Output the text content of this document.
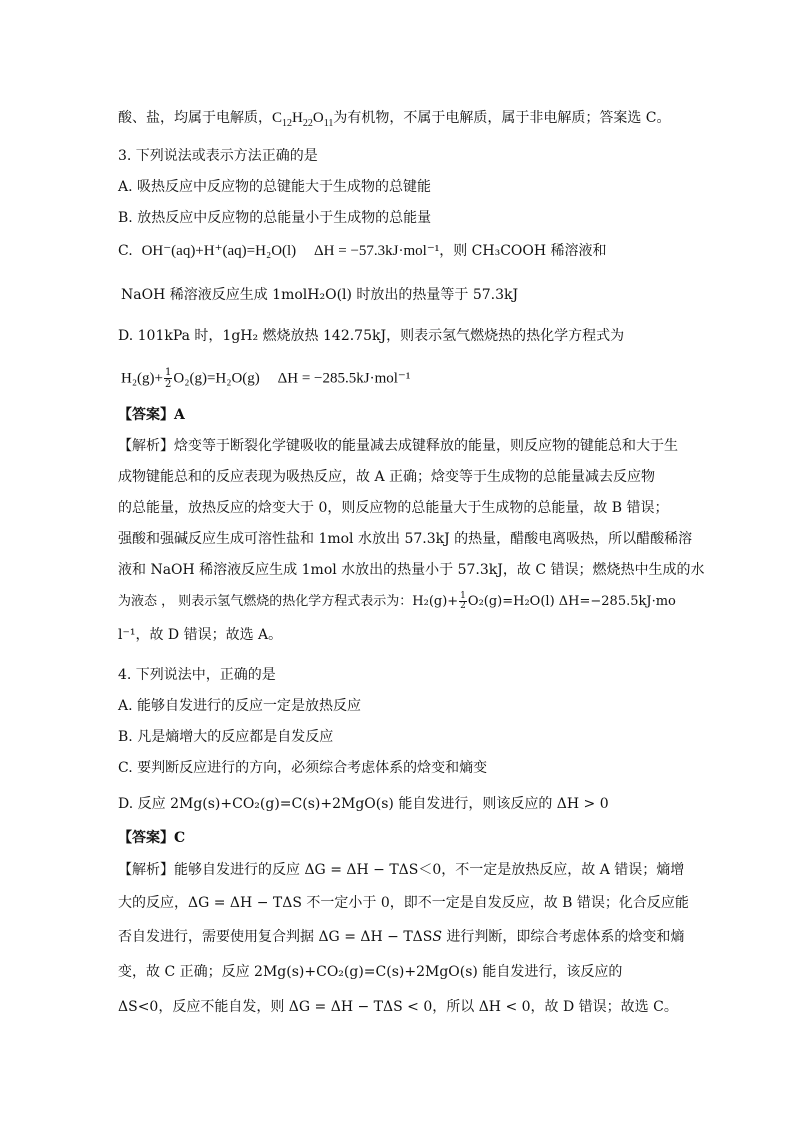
酸、盐，均属于电解质，$C_{12}H_{22}O_{11}$为有机物，不属于电解质，属于非电解质；答案选 C。
3. 下列说法或表示方法正确的是
A. 吸热反应中反应物的总键能大于生成物的总键能
B. 放热反应中反应物的总能量小于生成物的总能量
C. OH⁻(aq)+H⁺(aq)=H₂O(l) ΔH = −57.3kJ·mol⁻¹，则 CH₃COOH 稀溶液和
NaOH 稀溶液反应生成 1molH₂O(l) 时放出的热量等于 57.3kJ
D. 101kPa 时，1gH₂ 燃烧放热 142.75kJ，则表示氢气燃烧热的热化学方程式为
$H_2(g)+ \frac{1}{2} O_2(g)=H_2O(g) \Delta H = -285.5kJ\cdot mol^{-1}$
【答案】A
【解析】焓变等于断裂化学键吸收的能量减去成键释放的能量，则反应物的键能总和大于生
成物键能总和的反应表现为吸热反应，故 A 正确；焓变等于生成物的总能量减去反应物
的总能量，放热反应的焓变大于 0，则反应物的总能量大于生成物的总能量，故 B 错误；
强酸和强碱反应生成可溶性盐和 1mol 水放出 57.3kJ 的热量，醋酸电离吸热，所以醋酸稀溶
液和 NaOH 稀溶液反应生成 1mol 水放出的热量小于 57.3kJ，故 C 错误；燃烧热中生成的水
为液态 ， 则表示氢气燃烧的热化学方程式表示为：$H_2(g)+ \frac{1}{2} O_2(g)=H_2O(l)$ ΔH=−285.5kJ·mo
l⁻¹，故 D 错误；故选 A。
4. 下列说法中，正确的是
A. 能够自发进行的反应一定是放热反应
B. 凡是熵增大的反应都是自发反应
C. 要判断反应进行的方向，必须综合考虑体系的焓变和熵变
D. 反应 2Mg(s)+CO₂(g)=C(s)+2MgO(s) 能自发进行，则该反应的 ΔH > 0
【答案】C
【解析】能够自发进行的反应 ΔG = ΔH − TΔS＜0，不一定是放热反应，故 A 错误；熵增
大的反应，ΔG = ΔH − TΔS 不一定小于 0，即不一定是自发反应，故 B 错误；化合反应能
否自发进行，需要使用复合判据 ΔG = ΔH − TΔS𝑆 进行判断，即综合考虑体系的焓变和熵
变，故 C 正确；反应 2Mg(s)+CO₂(g)=C(s)+2MgO(s) 能自发进行，该反应的
ΔS<0，反应不能自发，则 ΔG = ΔH − TΔS < 0，所以 ΔH < 0，故 D 错误；故选 C。
